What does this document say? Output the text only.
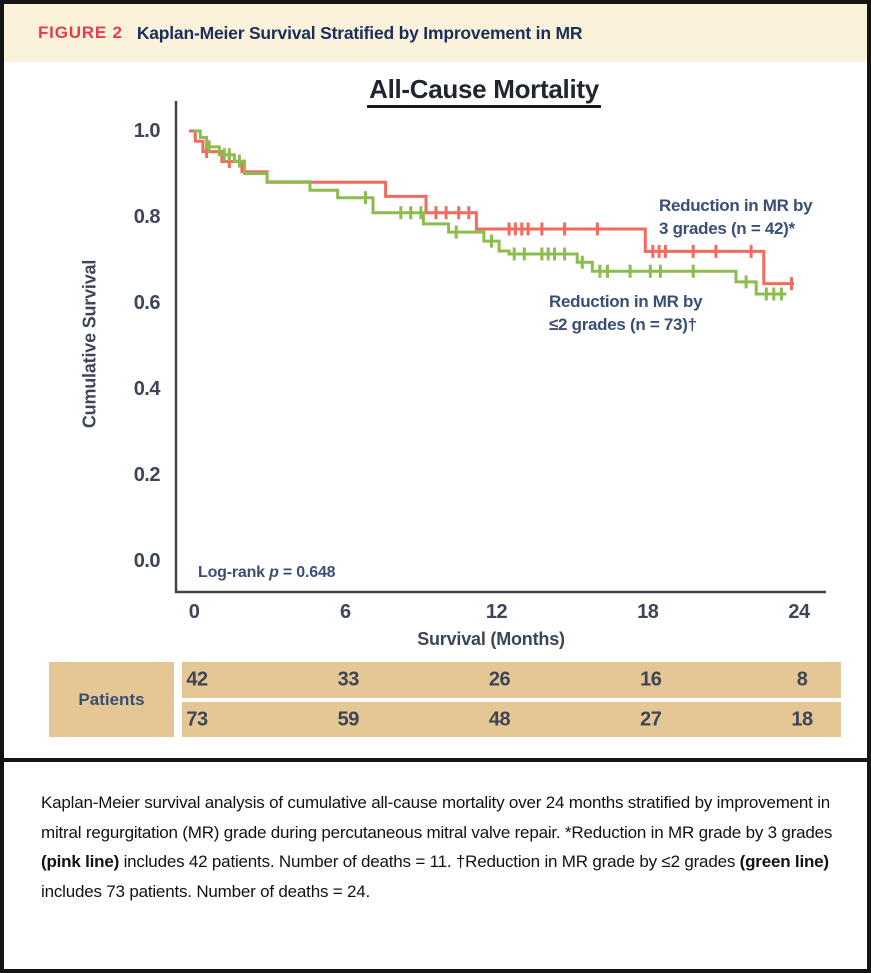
FIGURE 2 Kaplan-Meier Survival Stratified by Improvement in MR
All-Cause Mortality
Cumulative Survival
1.0
0.8
0.6
0.4
0.2
0.0
0	6	12	18	24
Survival (Months)
Log-rank p = 0.648
Reduction in MR by
3 grades (n = 42)*
Reduction in MR by
≤2 grades (n = 73)†
Patients
42	33	26	16	8
73	59	48	27	18
Kaplan-Meier survival analysis of cumulative all-cause mortality over 24 months stratified by improvement in mitral regurgitation (MR) grade during percutaneous mitral valve repair. *Reduction in MR grade by 3 grades (pink line) includes 42 patients. Number of deaths = 11. †Reduction in MR grade by ≤2 grades (green line) includes 73 patients. Number of deaths = 24.
